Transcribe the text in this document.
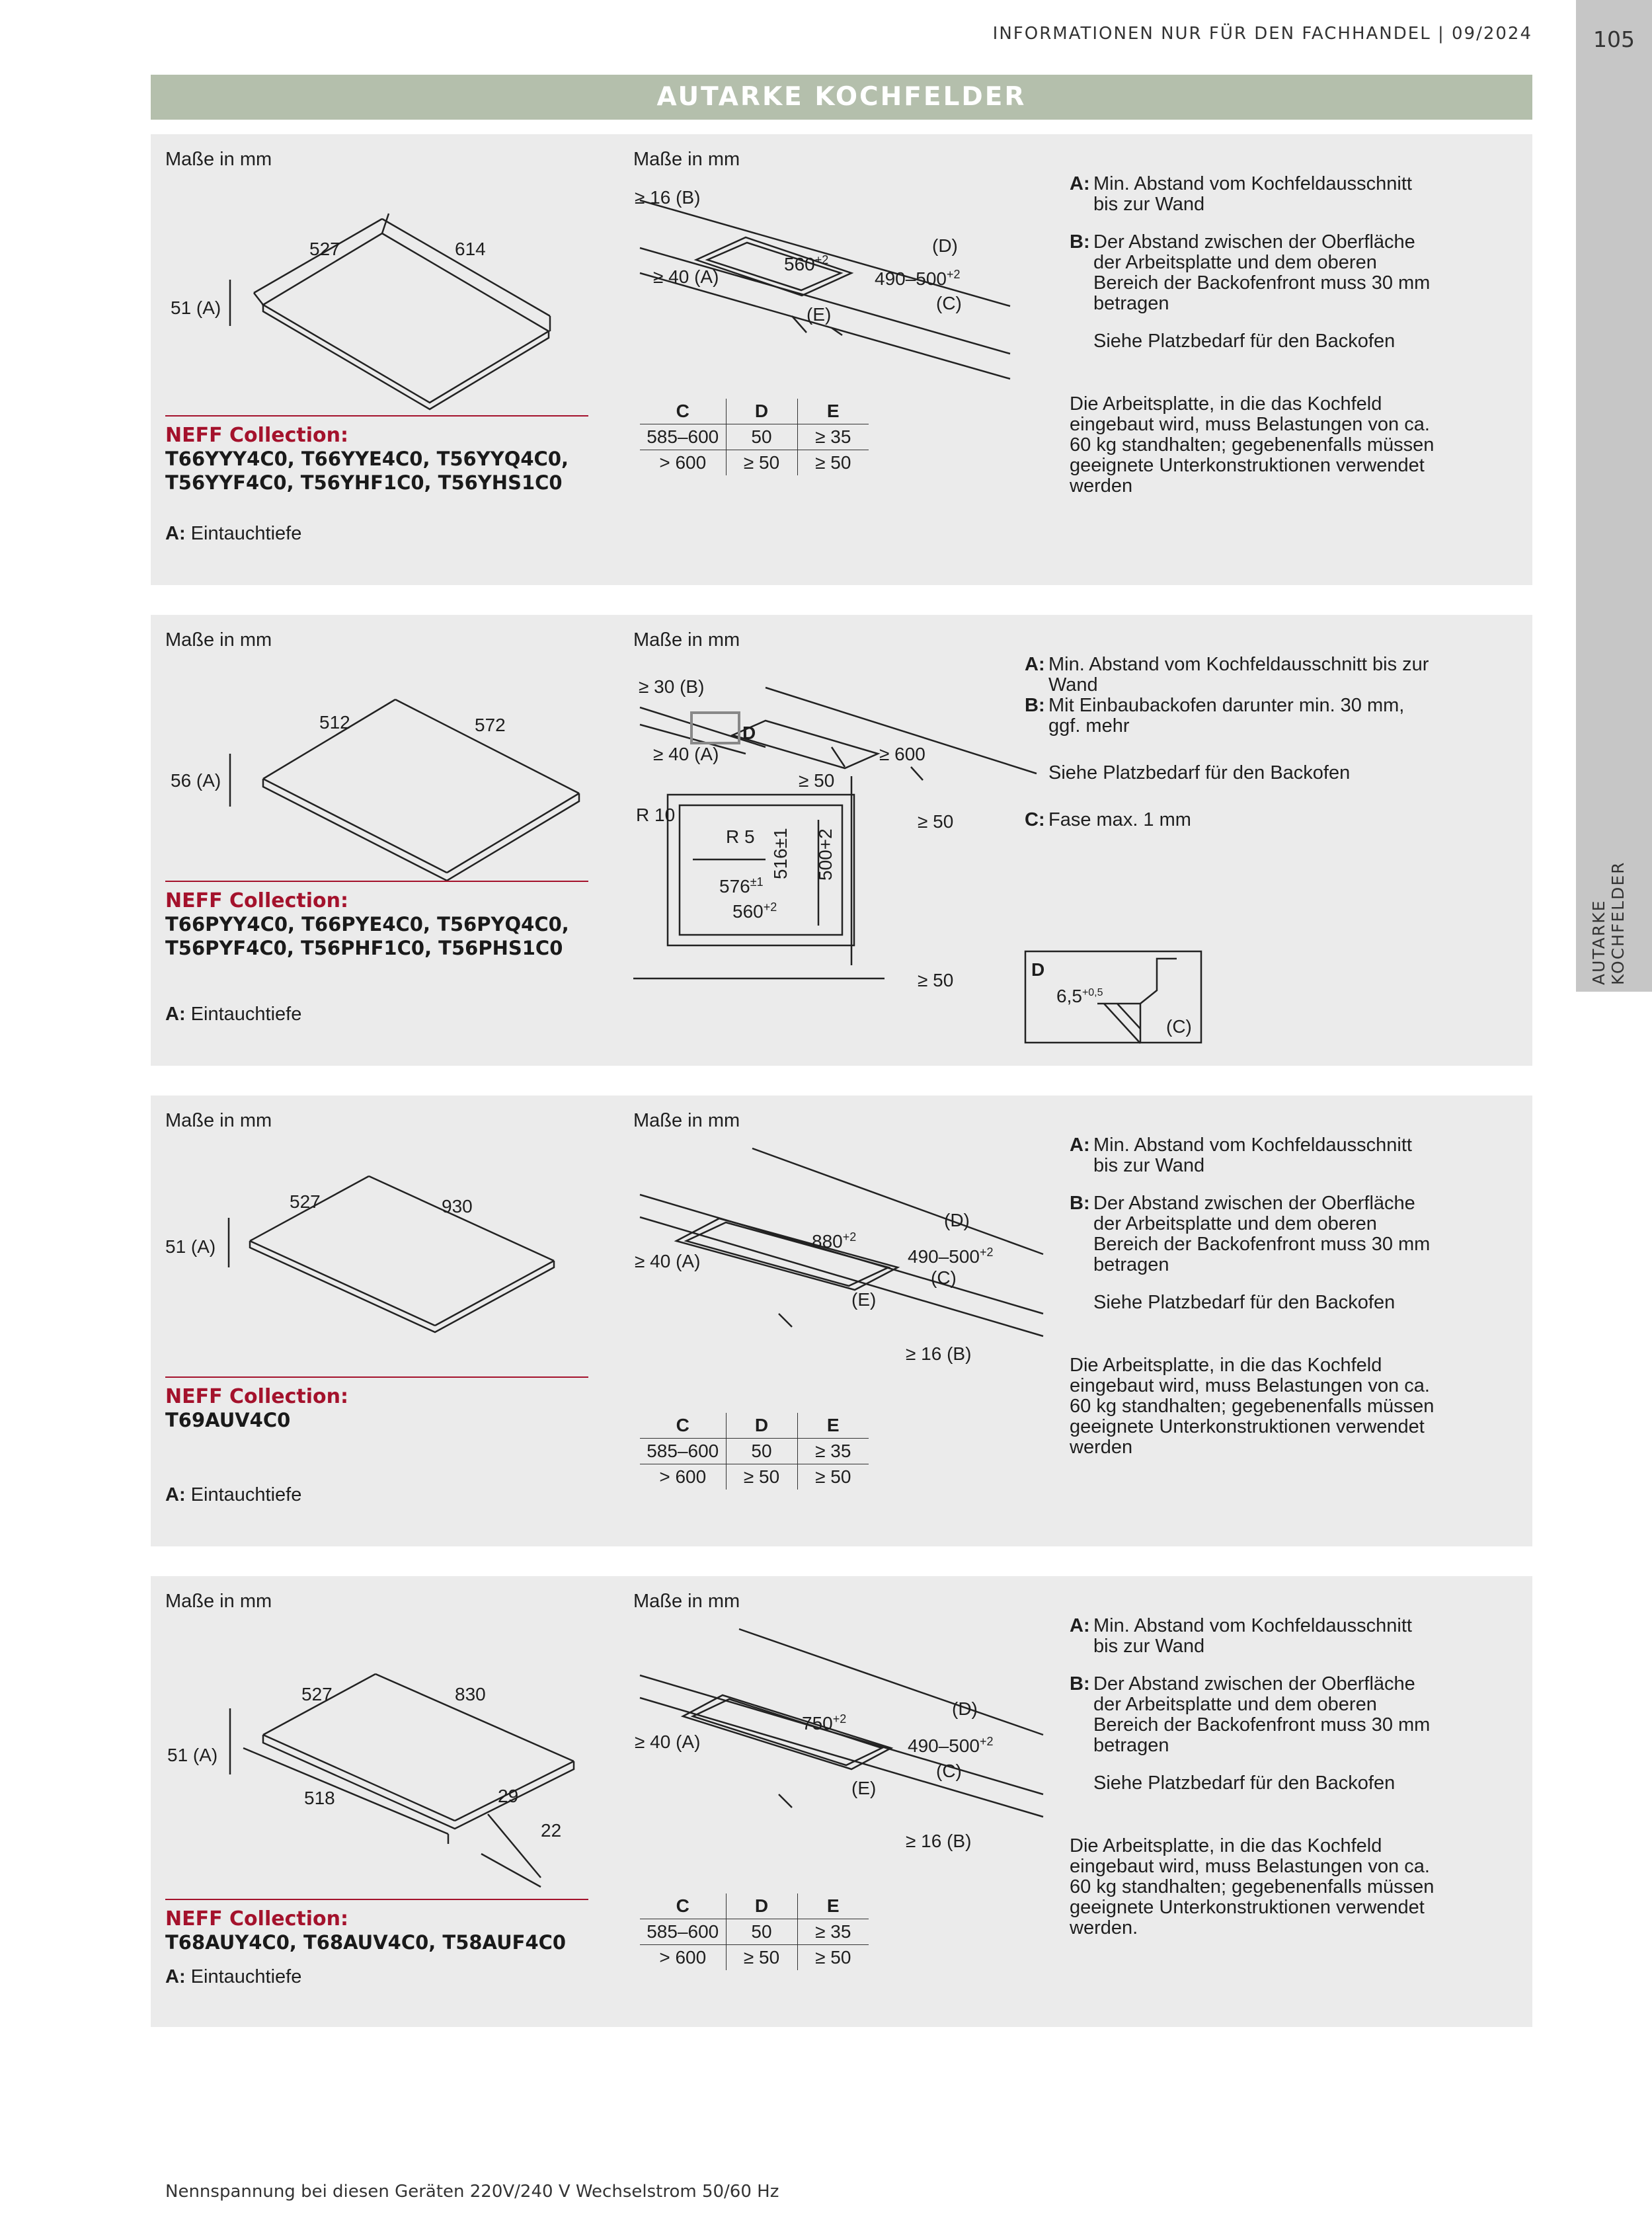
INFORMATIONEN NUR FÜR DEN FACHHANDEL | 09/2024	105
AUTARKE KOCHFELDER
AUTARKE KOCHFELDER
Maße in mm	Maße in mm
527	614
51 (A)
NEFF Collection:
T66YYY4C0, T66YYE4C0, T56YYQ4C0,
T56YYF4C0, T56YHF1C0, T56YHS1C0
A: Eintauchtiefe
≥ 16 (B)
≥ 40 (A)
$560^{+2}$
$490-500^{+2}$
(D)
(C)
(E)
C	D	E
585–600	50	≥ 35
> 600	≥ 50	≥ 50
A: Min. Abstand vom Kochfeldausschnitt
bis zur Wand
B: Der Abstand zwischen der Oberfläche
der Arbeitsplatte und dem oberen
Bereich der Backofenfront muss 30 mm
betragen
Siehe Platzbedarf für den Backofen
Die Arbeitsplatte, in die das Kochfeld
eingebaut wird, muss Belastungen von ca.
60 kg standhalten; gegebenenfalls müssen
geeignete Unterkonstruktionen verwendet
werden
Maße in mm	Maße in mm
512	572
56 (A)
NEFF Collection:
T66PYY4C0, T66PYE4C0, T56PYQ4C0,
T56PYF4C0, T56PHF1C0, T56PHS1C0
A: Eintauchtiefe
≥ 30 (B)
D
≥ 40 (A)	≥ 600
≥ 50
R 10
R 5
≥ 50
≥ 50
$576^{\pm 1}$
$560^{+2}$
516±1 500+2
A: Min. Abstand vom Kochfeldausschnitt bis zur
Wand
B: Mit Einbaubackofen darunter min. 30 mm,
ggf. mehr
Siehe Platzbedarf für den Backofen
C: Fase max. 1 mm
D
$6,5^{+0,5}$
(C)
Maße in mm	Maße in mm
527	930
51 (A)
NEFF Collection:
T69AUV4C0
A: Eintauchtiefe
≥ 40 (A)
$880^{+2}$
$490-500^{+2}$
(D)
(C)
(E)
≥ 16 (B)
C	D	E
585–600	50	≥ 35
> 600	≥ 50	≥ 50
A: Min. Abstand vom Kochfeldausschnitt
bis zur Wand
B: Der Abstand zwischen der Oberfläche
der Arbeitsplatte und dem oberen
Bereich der Backofenfront muss 30 mm
betragen
Siehe Platzbedarf für den Backofen
Die Arbeitsplatte, in die das Kochfeld
eingebaut wird, muss Belastungen von ca.
60 kg standhalten; gegebenenfalls müssen
geeignete Unterkonstruktionen verwendet
werden
Maße in mm	Maße in mm
527	830
51 (A)
518	29
22
NEFF Collection:
T68AUY4C0, T68AUV4C0, T58AUF4C0
A: Eintauchtiefe
≥ 40 (A)
$750^{+2}$
$490-500^{+2}$
(D)
(C)
(E)
≥ 16 (B)
C	D	E
585–600	50	≥ 35
> 600	≥ 50	≥ 50
A: Min. Abstand vom Kochfeldausschnitt
bis zur Wand
B: Der Abstand zwischen der Oberfläche
der Arbeitsplatte und dem oberen
Bereich der Backofenfront muss 30 mm
betragen
Siehe Platzbedarf für den Backofen
Die Arbeitsplatte, in die das Kochfeld
eingebaut wird, muss Belastungen von ca.
60 kg standhalten; gegebenenfalls müssen
geeignete Unterkonstruktionen verwendet
werden.
Nennspannung bei diesen Geräten 220V/240 V Wechselstrom 50/60 Hz
